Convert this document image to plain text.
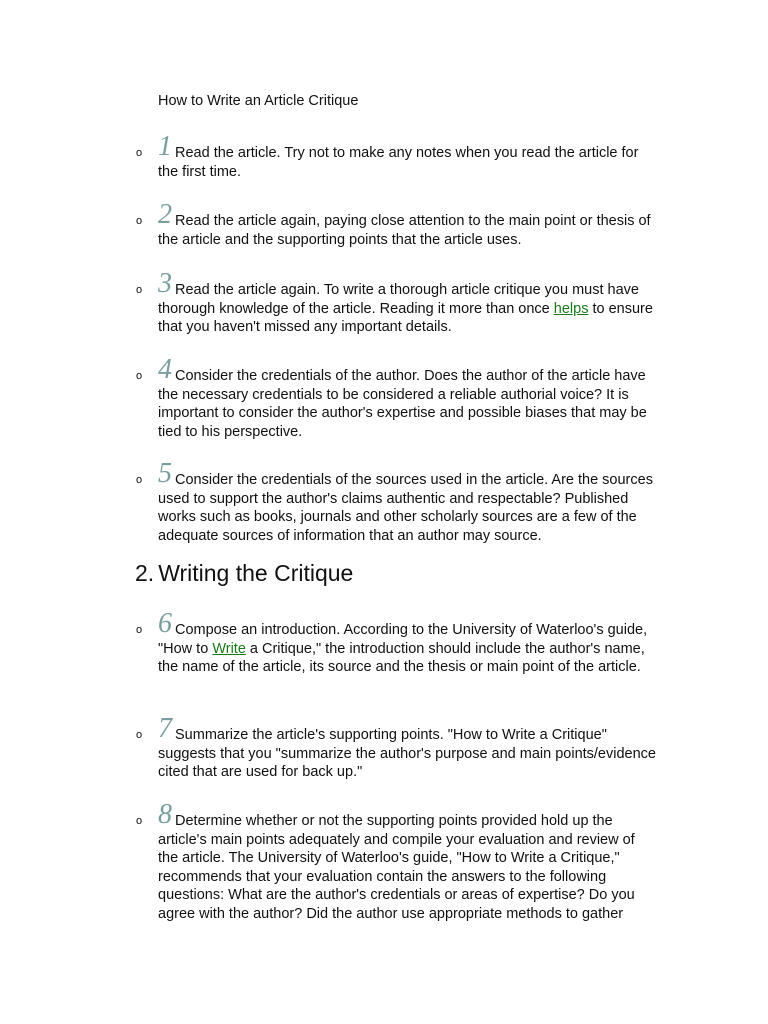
How to Write an Article Critique

o 1 Read the article. Try not to make any notes when you read the article for the first time.

o 2 Read the article again, paying close attention to the main point or thesis of the article and the supporting points that the article uses.

o 3 Read the article again. To write a thorough article critique you must have thorough knowledge of the article. Reading it more than once helps to ensure that you haven't missed any important details.

o 4 Consider the credentials of the author. Does the author of the article have the necessary credentials to be considered a reliable authorial voice? It is important to consider the author's expertise and possible biases that may be tied to his perspective.

o 5 Consider the credentials of the sources used in the article. Are the sources used to support the author's claims authentic and respectable? Published works such as books, journals and other scholarly sources are a few of the adequate sources of information that an author may source.

2. Writing the Critique

o 6 Compose an introduction. According to the University of Waterloo's guide, "How to Write a Critique," the introduction should include the author's name, the name of the article, its source and the thesis or main point of the article.

o 7 Summarize the article's supporting points. "How to Write a Critique" suggests that you "summarize the author's purpose and main points/evidence cited that are used for back up."

o 8 Determine whether or not the supporting points provided hold up the article's main points adequately and compile your evaluation and review of the article. The University of Waterloo's guide, "How to Write a Critique," recommends that your evaluation contain the answers to the following questions: What are the author's credentials or areas of expertise? Do you agree with the author? Did the author use appropriate methods to gather
